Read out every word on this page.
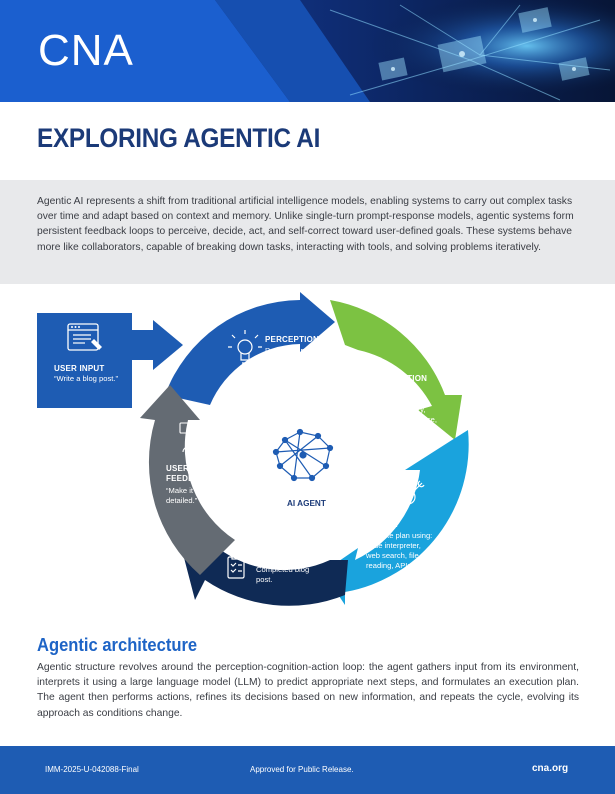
CNA
EXPLORING AGENTIC AI
Agentic AI represents a shift from traditional artificial intelligence models, enabling systems to carry out complex tasks over time and adapt based on context and memory. Unlike single-turn prompt-response models, agentic systems form persistent feedback loops to perceive, decide, act, and self-correct toward user-defined goals. These systems behave more like collaborators, capable of breaking down tasks, interacting with tools, and solving problems iteratively.
USER INPUT
“Write a blog post.”
PERCEPTION
Process input
using: text, audio,
images, data.
COGNITION
Predict next
steps using:
chat memory,
knowledge base,
plan formulation.
ACTION
Execute plan using:
code interpreter,
web search, file
reading, APIs.
TASK OUTPUT
Completed blog
post.
USER
FEEDBACK
“Make it more
detailed.”	AI AGENT
Agentic architecture
Agentic structure revolves around the perception-cognition-action loop: the agent gathers input from its environment, interprets it using a large language model (LLM) to predict appropriate next steps, and formulates an execution plan. The agent then performs actions, refines its decisions based on new information, and repeats the cycle, evolving its approach as conditions change.
IMM-2025-U-042088-Final	Approved for Public Release.	cna.org
